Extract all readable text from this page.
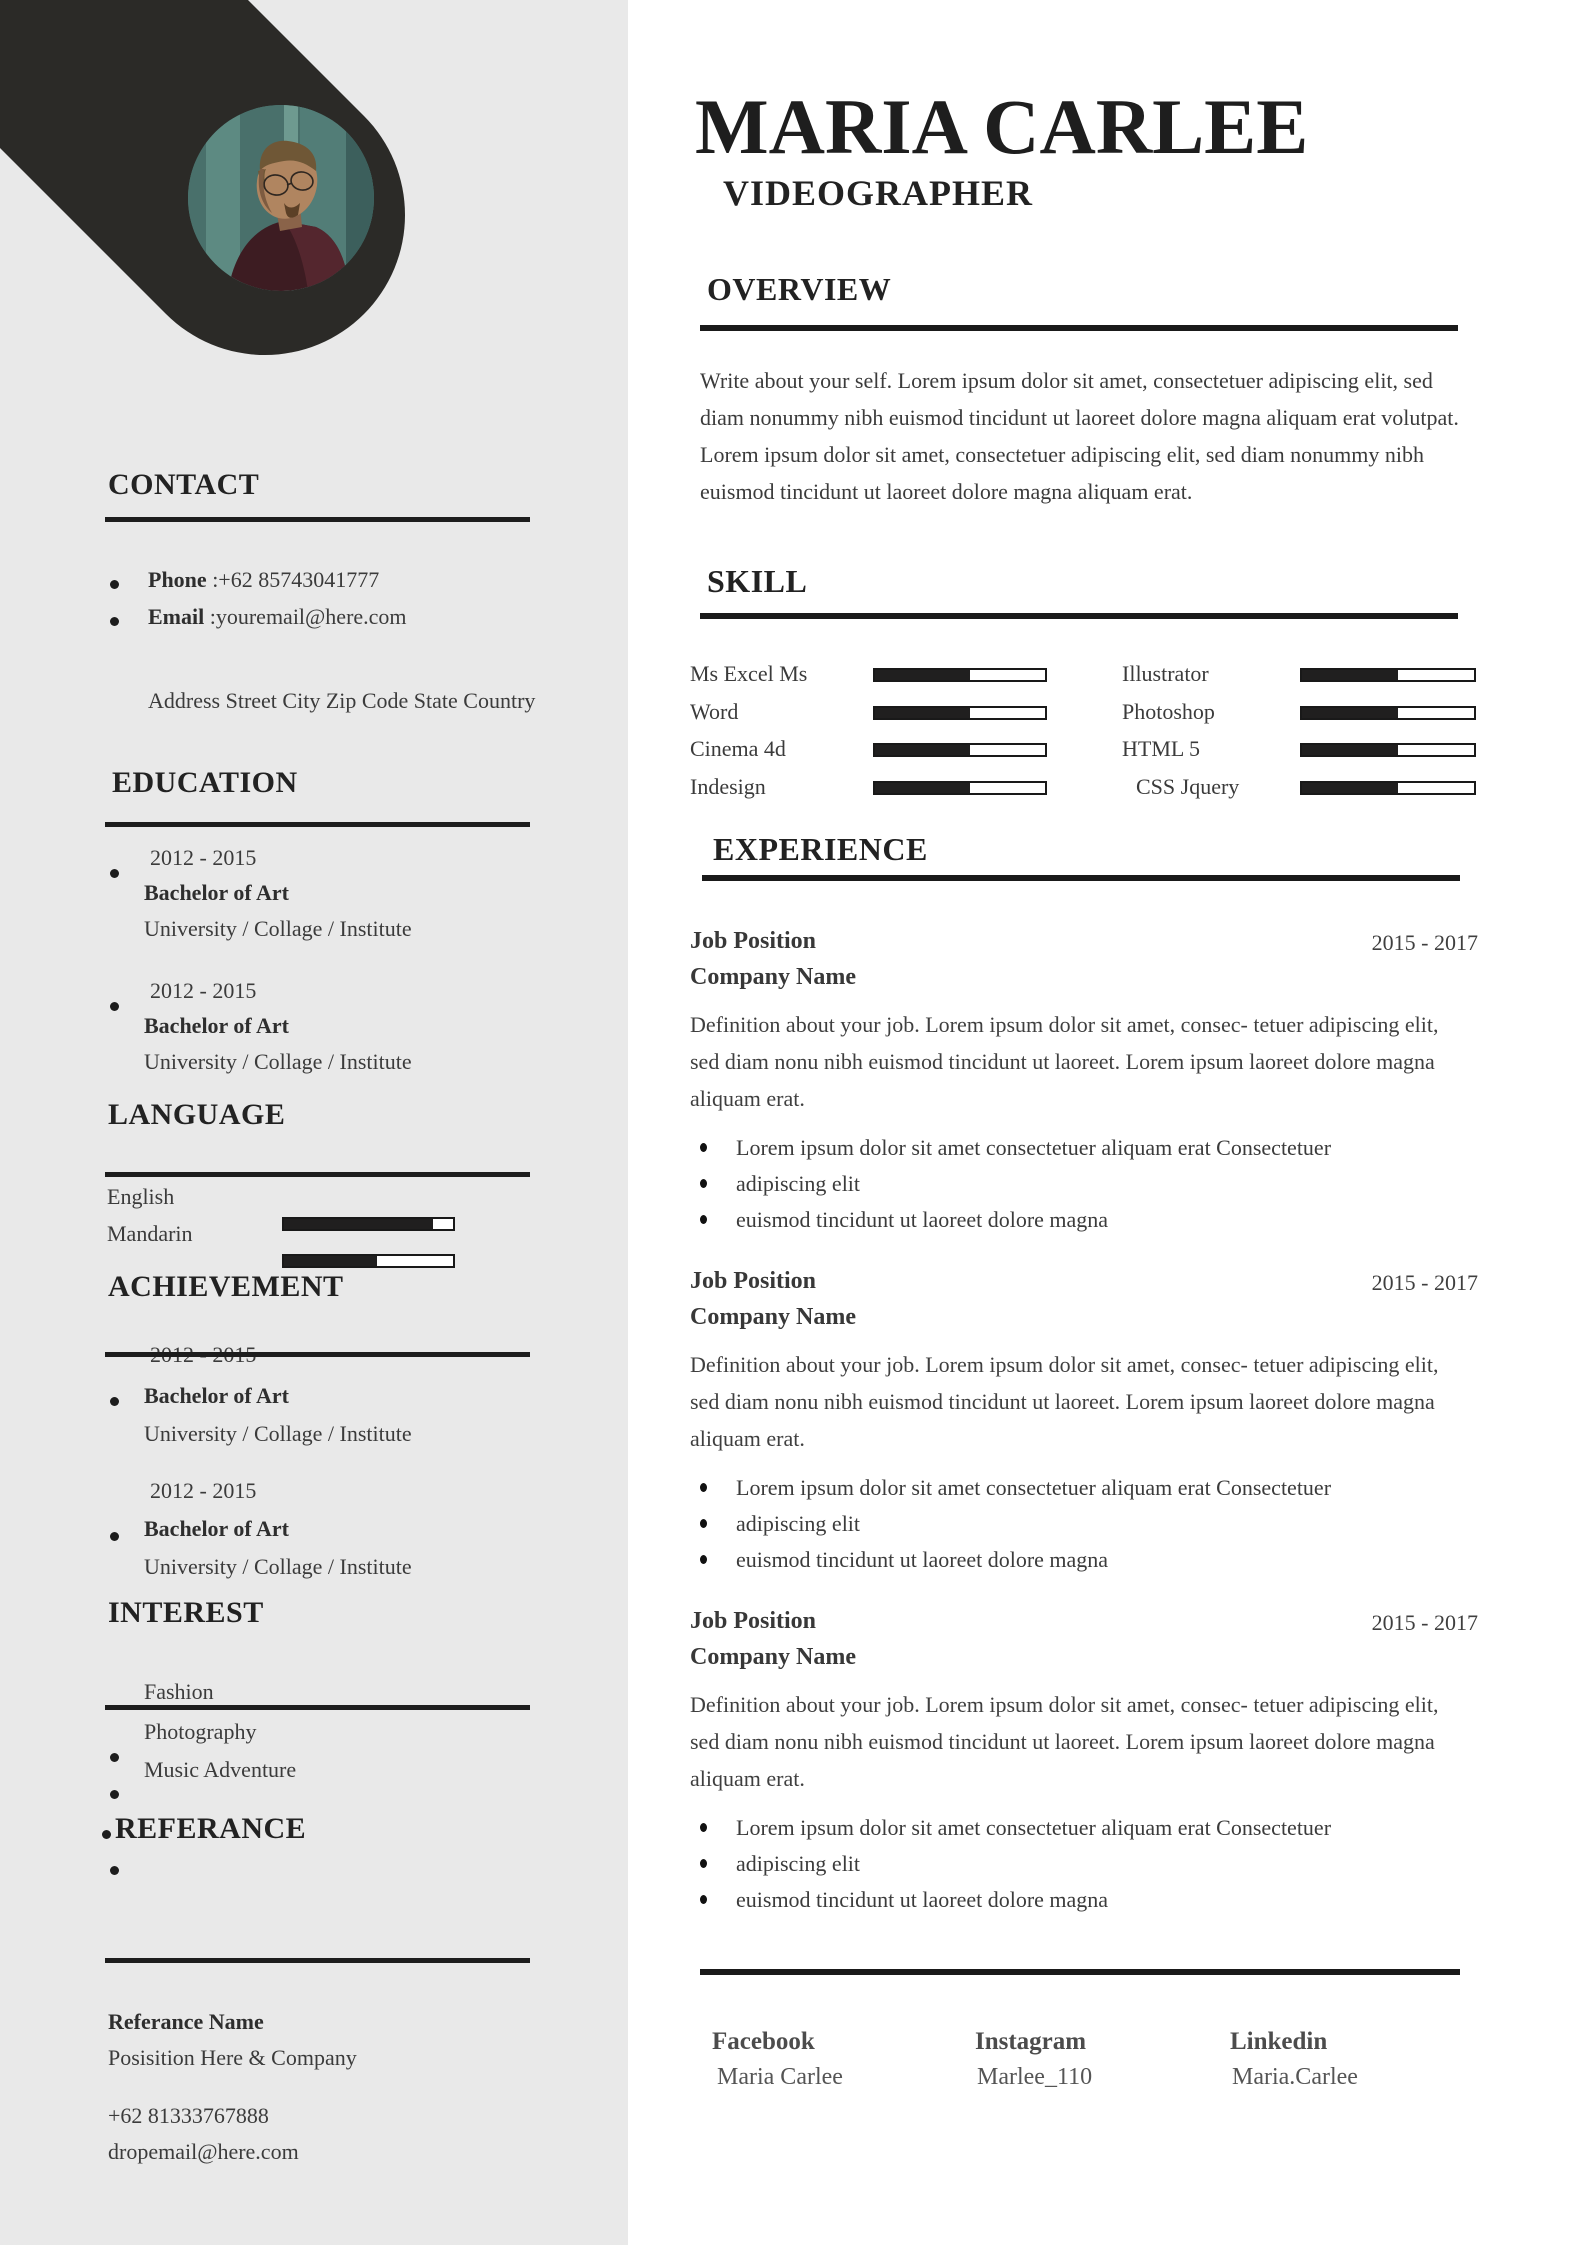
CONTACT
Phone :+62 85743041777
Email :youremail@here.com
Address Street City Zip Code State Country
EDUCATION
2012 - 2015
Bachelor of Art
University / Collage / Institute
2012 - 2015
Bachelor of Art
University / Collage / Institute
LANGUAGE
English
Mandarin
ACHIEVEMENT
Bachelor of Art
University / Collage / Institute
2012 - 2015
Bachelor of Art
University / Collage / Institute
INTEREST
Fashion
Photography
Music Adventure
REFERANCE
Referance Name
Posisition Here & Company
+62 81333767888
dropemail@here.com
MARIA CARLEE
VIDEOGRAPHER
OVERVIEW
Write about your self. Lorem ipsum dolor sit amet, consectetuer adipiscing elit, sed diam nonummy nibh euismod tincidunt ut laoreet dolore magna aliquam erat volutpat. Lorem ipsum dolor sit amet, consectetuer adipiscing elit, sed diam nonummy nibh euismod tincidunt ut laoreet dolore magna aliquam erat.
SKILL
Ms Excel Ms
Word
Cinema 4d
Indesign
Illustrator
Photoshop
HTML 5
CSS Jquery
EXPERIENCE
Job Position	2015 - 2017
Company Name
Definition about your job. Lorem ipsum dolor sit amet, consec- tetuer adipiscing elit, sed diam nonu nibh euismod tincidunt ut laoreet. Lorem ipsum laoreet dolore magna aliquam erat.
Lorem ipsum dolor sit amet consectetuer aliquam erat Consectetuer
adipiscing elit
euismod tincidunt ut laoreet dolore magna
Job Position	2015 - 2017
Company Name
Definition about your job. Lorem ipsum dolor sit amet, consec- tetuer adipiscing elit, sed diam nonu nibh euismod tincidunt ut laoreet. Lorem ipsum laoreet dolore magna aliquam erat.
Lorem ipsum dolor sit amet consectetuer aliquam erat Consectetuer
adipiscing elit
euismod tincidunt ut laoreet dolore magna
Job Position	2015 - 2017
Company Name
Definition about your job. Lorem ipsum dolor sit amet, consec- tetuer adipiscing elit, sed diam nonu nibh euismod tincidunt ut laoreet. Lorem ipsum laoreet dolore magna aliquam erat.
Lorem ipsum dolor sit amet consectetuer aliquam erat Consectetuer
adipiscing elit
euismod tincidunt ut laoreet dolore magna
Facebook
Maria Carlee
Instagram
Marlee_110
Linkedin
Maria.Carlee
